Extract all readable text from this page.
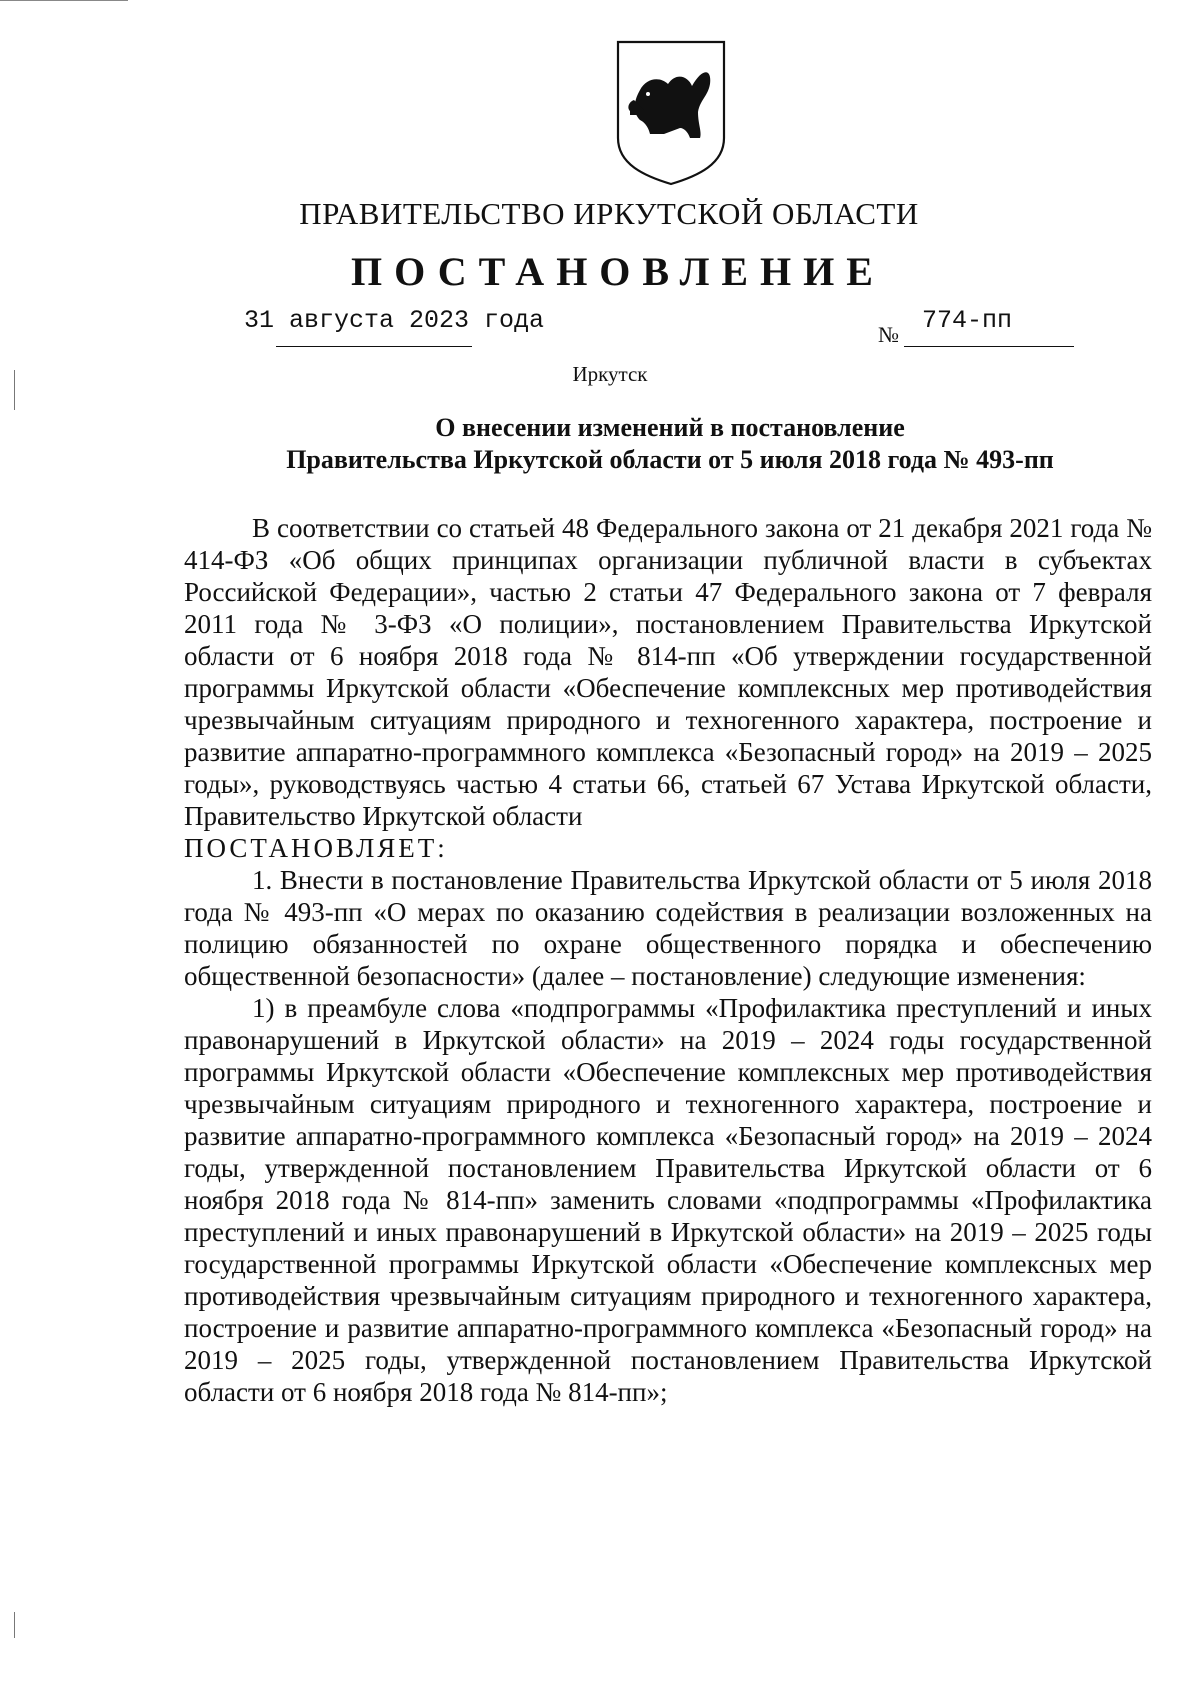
ПРАВИТЕЛЬСТВО ИРКУТСКОЙ ОБЛАСТИ
ПОСТАНОВЛЕНИЕ
31 августа 2023 года	№ 774-пп
Иркутск
О внесении изменений в постановление
Правительства Иркутской области от 5 июля 2018 года № 493-пп

В соответствии со статьей 48 Федерального закона от 21 декабря 2021 года № 414-ФЗ «Об общих принципах организации публичной власти в субъектах Российской Федерации», частью 2 статьи 47 Федерального закона от 7 февраля 2011 года № 3-ФЗ «О полиции», постановлением Правительства Иркутской области от 6 ноября 2018 года № 814-пп «Об утверждении государственной программы Иркутской области «Обеспечение комплексных мер противодействия чрезвычайным ситуациям природного и техногенного характера, построение и развитие аппаратно-программного комплекса «Безопасный город» на 2019 – 2025 годы», руководствуясь частью 4 статьи 66, статьей 67 Устава Иркутской области, Правительство Иркутской области

ПОСТАНОВЛЯЕТ:

1. Внести в постановление Правительства Иркутской области от 5 июля 2018 года № 493-пп «О мерах по оказанию содействия в реализации возложенных на полицию обязанностей по охране общественного порядка и обеспечению общественной безопасности» (далее – постановление) следующие изменения:

1) в преамбуле слова «подпрограммы «Профилактика преступлений и иных правонарушений в Иркутской области» на 2019 – 2024 годы государственной программы Иркутской области «Обеспечение комплексных мер противодействия чрезвычайным ситуациям природного и техногенного характера, построение и развитие аппаратно-программного комплекса «Безопасный город» на 2019 – 2024 годы, утвержденной постановлением Правительства Иркутской области от 6 ноября 2018 года № 814-пп» заменить словами «подпрограммы «Профилактика преступлений и иных правонарушений в Иркутской области» на 2019 – 2025 годы государственной программы Иркутской области «Обеспечение комплексных мер противодействия чрезвычайным ситуациям природного и техногенного характера, построение и развитие аппаратно-программного комплекса «Безопасный город» на 2019 – 2025 годы, утвержденной постановлением Правительства Иркутской области от 6 ноября 2018 года № 814-пп»;
